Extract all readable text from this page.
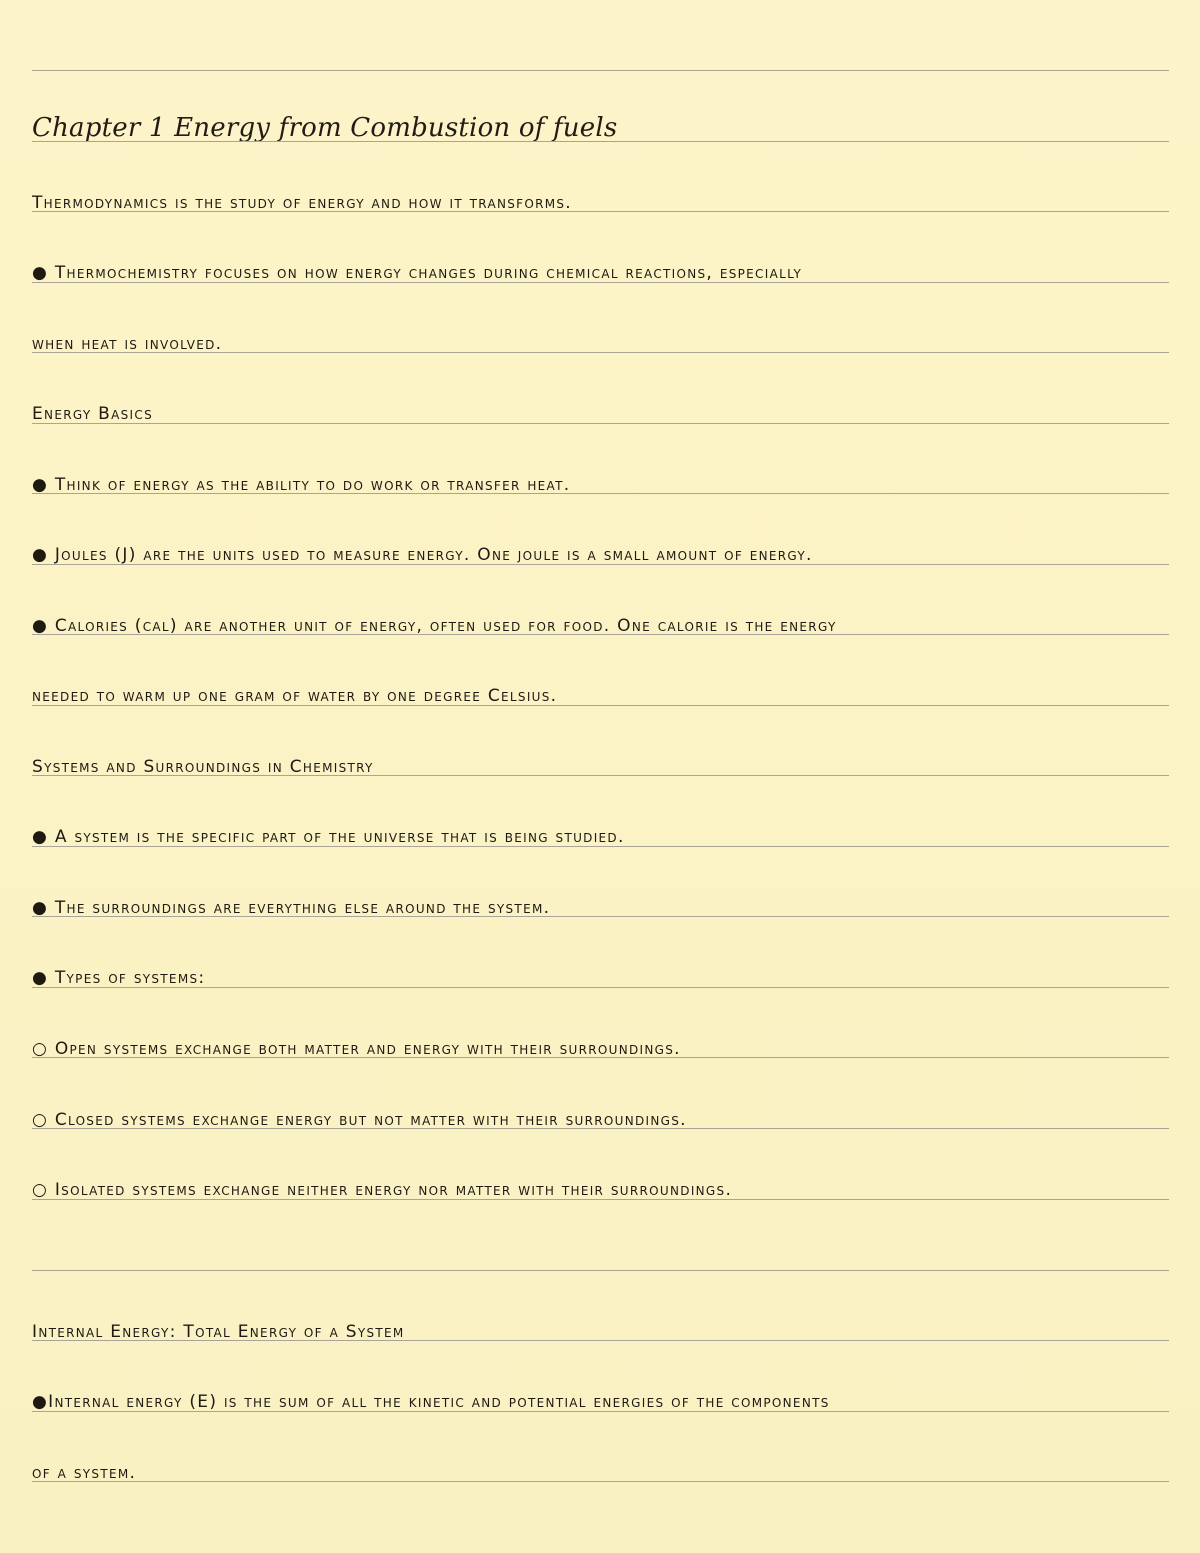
Chapter 1 Energy from Combustion of fuels
Thermodynamics is the study of energy and how it transforms.
● Thermochemistry focuses on how energy changes during chemical reactions, especially
when heat is involved.
Energy Basics
● Think of energy as the ability to do work or transfer heat.
● Joules (J) are the units used to measure energy. One joule is a small amount of energy.
● Calories (cal) are another unit of energy, often used for food. One calorie is the energy
needed to warm up one gram of water by one degree Celsius.
Systems and Surroundings in Chemistry
● A system is the specific part of the universe that is being studied.
● The surroundings are everything else around the system.
● Types of systems:
○ Open systems exchange both matter and energy with their surroundings.
○ Closed systems exchange energy but not matter with their surroundings.
○ Isolated systems exchange neither energy nor matter with their surroundings.
Internal Energy: Total Energy of a System
●Internal energy (E) is the sum of all the kinetic and potential energies of the components
of a system.
